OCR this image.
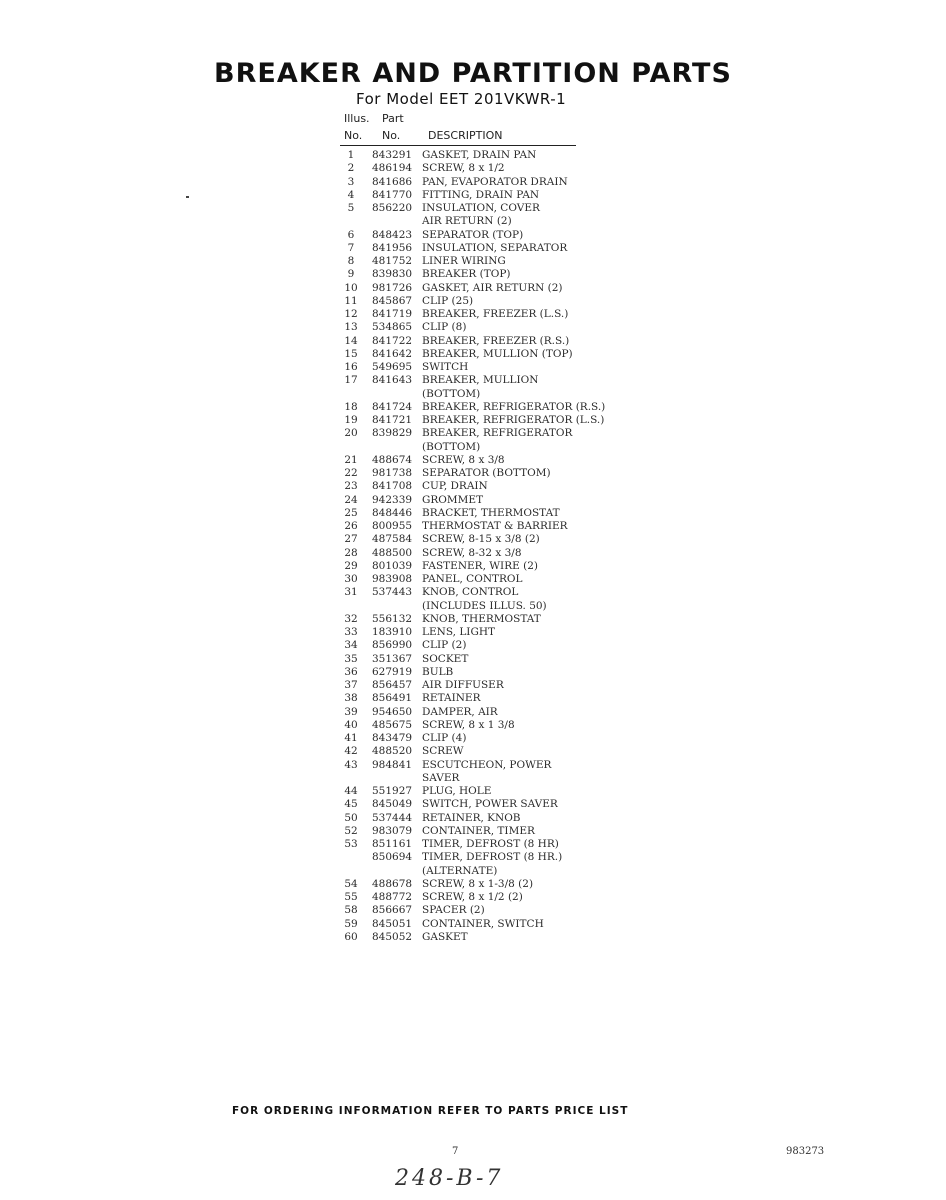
BREAKER AND PARTITION PARTS
For Model EET 201VKWR-1
Illus. Part
No. No.	DESCRIPTION
1	843291 GASKET, DRAIN PAN
2	486194 SCREW, 8 x 1/2
3	841686 PAN, EVAPORATOR DRAIN
4	841770 FITTING, DRAIN PAN
5	856220 INSULATION, COVER
AIR RETURN (2)
6	848423 SEPARATOR (TOP)
7	841956 INSULATION, SEPARATOR
8	481752 LINER WIRING
9	839830 BREAKER (TOP)
10 981726 GASKET, AIR RETURN (2)
11 845867 CLIP (25)
12 841719 BREAKER, FREEZER (L.S.)
13 534865 CLIP (8)
14 841722 BREAKER, FREEZER (R.S.)
15 841642 BREAKER, MULLION (TOP)
16 549695 SWITCH
17 841643 BREAKER, MULLION
(BOTTOM)
18 841724 BREAKER, REFRIGERATOR (R.S.)
19 841721 BREAKER, REFRIGERATOR (L.S.)
20 839829 BREAKER, REFRIGERATOR
(BOTTOM)
21 488674 SCREW, 8 x 3/8
22 981738 SEPARATOR (BOTTOM)
23 841708 CUP, DRAIN
24 942339 GROMMET
25 848446 BRACKET, THERMOSTAT
26 800955 THERMOSTAT & BARRIER
27 487584 SCREW, 8-15 x 3/8 (2)
28 488500 SCREW, 8-32 x 3/8
29 801039 FASTENER, WIRE (2)
30 983908 PANEL, CONTROL
31 537443 KNOB, CONTROL
(INCLUDES ILLUS. 50)
32 556132 KNOB, THERMOSTAT
33 183910 LENS, LIGHT
34 856990 CLIP (2)
35 351367 SOCKET
36 627919 BULB
37 856457 AIR DIFFUSER
38 856491 RETAINER
39 954650 DAMPER, AIR
40 485675 SCREW, 8 x 1 3/8
41 843479 CLIP (4)
42 488520 SCREW
43 984841 ESCUTCHEON, POWER
SAVER
44 551927 PLUG, HOLE
45 845049 SWITCH, POWER SAVER
50 537444 RETAINER, KNOB
52 983079 CONTAINER, TIMER
53 851161 TIMER, DEFROST (8 HR)
850694 TIMER, DEFROST (8 HR.)
(ALTERNATE)
54 488678 SCREW, 8 x 1-3/8 (2)
55 488772 SCREW, 8 x 1/2 (2)
58 856667 SPACER (2)
59 845051 CONTAINER, SWITCH
60 845052 GASKET
FOR ORDERING INFORMATION REFER TO PARTS PRICE LIST
7	983273
248-B-7
